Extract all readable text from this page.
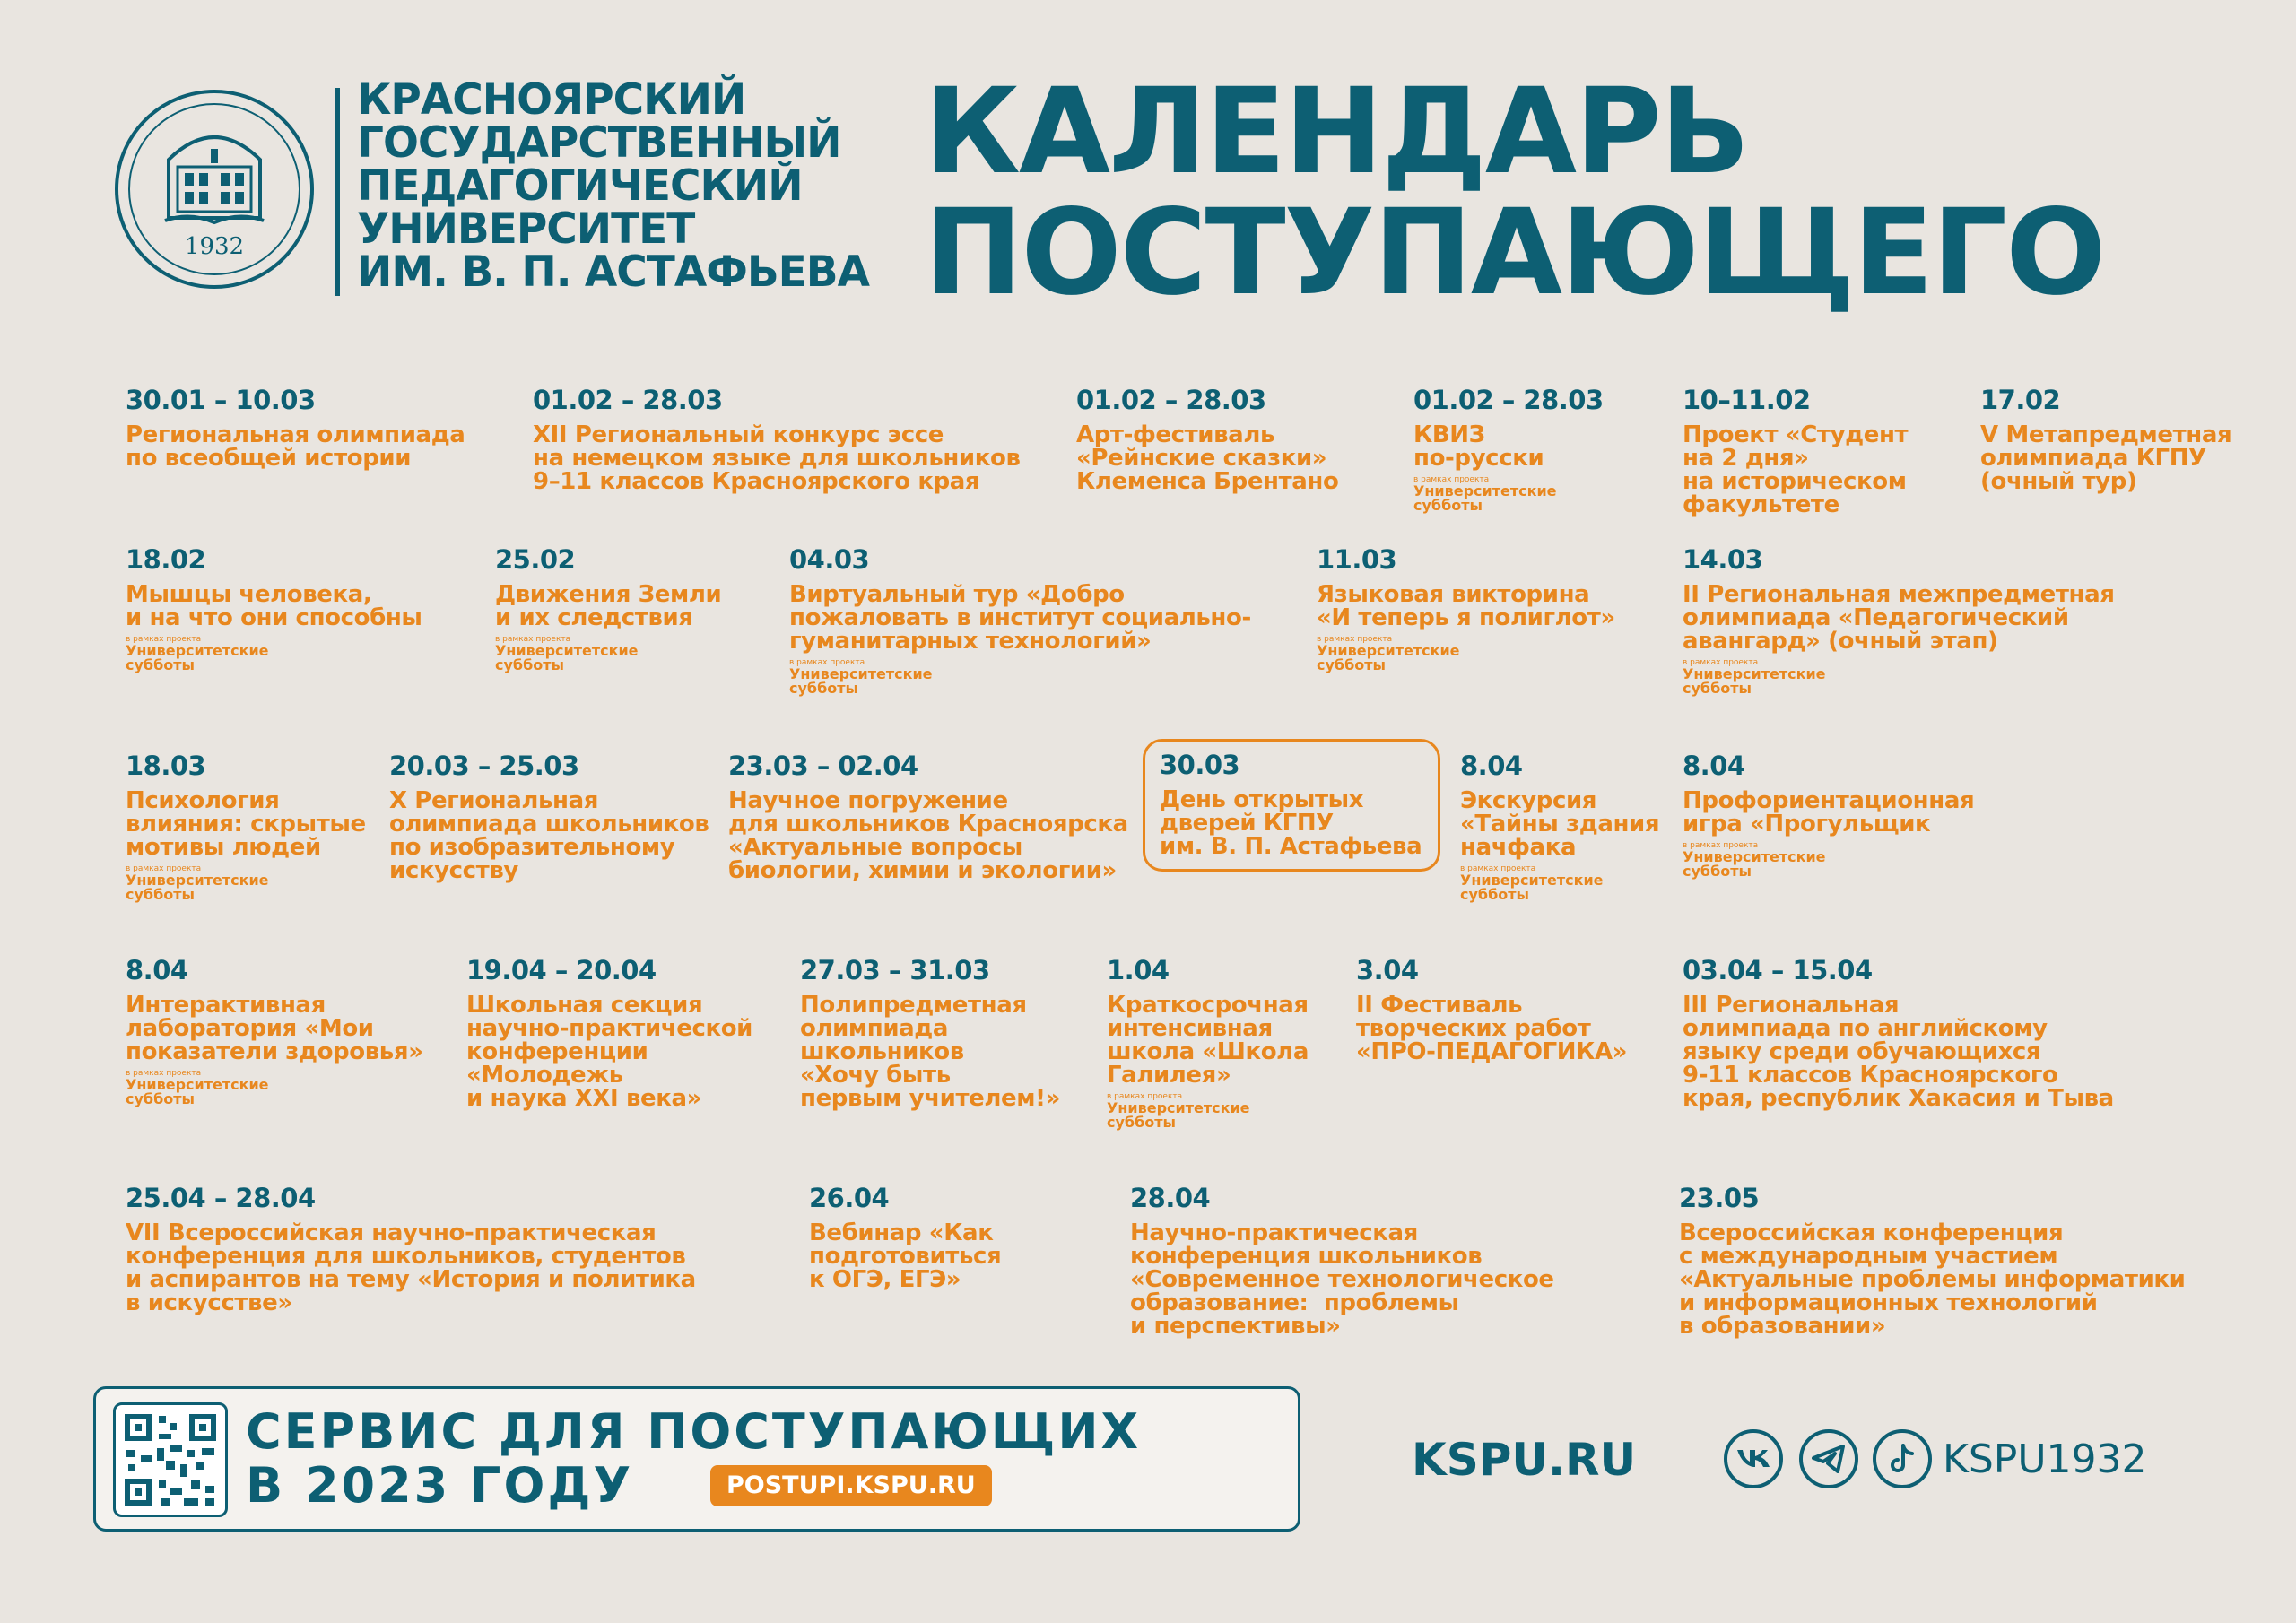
1932
КРАСНОЯРСКИЙ
ГОСУДАРСТВЕННЫЙ
ПЕДАГОГИЧЕСКИЙ
УНИВЕРСИТЕТ
ИМ. В. П. АСТАФЬЕВА
КАЛЕНДАРЬ
ПОСТУПАЮЩЕГО
30.01 – 10.03
Региональная олимпиада
по всеобщей истории
01.02 – 28.03
XII Региональный конкурс эссе
на немецком языке для школьников
9–11 классов Красноярского края
01.02 – 28.03
Арт-фестиваль
«Рейнские сказки»
Клеменса Брентано
01.02 – 28.03
КВИЗ
по-русски
в рамках проекта
Университетские
субботы
10–11.02
Проект «Студент
на 2 дня»
на историческом
факультете
17.02
V Метапредметная
олимпиада КГПУ
(очный тур)
18.02
Мышцы человека,
и на что они способны
в рамках проекта
Университетские
субботы
25.02
Движения Земли
и их следствия
в рамках проекта
Университетские
субботы
04.03
Виртуальный тур «Добро
пожаловать в институт социально-
гуманитарных технологий»
в рамках проекта
Университетские
субботы
11.03
Языковая викторина
«И теперь я полиглот»
в рамках проекта
Университетские
субботы
14.03
II Региональная межпредметная
олимпиада «Педагогический
авангард» (очный этап)
в рамках проекта
Университетские
субботы
18.03
Психология
влияния: скрытые
мотивы людей
в рамках проекта
Университетские
субботы
20.03 – 25.03
X Региональная
олимпиада школьников
по изобразительному
искусству
23.03 – 02.04
Научное погружение
для школьников Красноярска
«Актуальные вопросы
биологии, химии и экологии»
30.03
День открытых
дверей КГПУ
им. В. П. Астафьева
8.04
Экскурсия
«Тайны здания
начфака
в рамках проекта
Университетские
субботы
8.04
Профориентационная
игра «Прогульщик
в рамках проекта
Университетские
субботы
8.04
Интерактивная
лаборатория «Мои
показатели здоровья»
в рамках проекта
Университетские
субботы
19.04 – 20.04
Школьная секция
научно-практической
конференции
«Молодежь
и наука XXI века»
27.03 – 31.03
Полипредметная
олимпиада
школьников
«Хочу быть
первым учителем!»
1.04
Краткосрочная
интенсивная
школа «Школа
Галилея»
в рамках проекта
Университетские
субботы
3.04
II Фестиваль
творческих работ
«ПРО-ПЕДАГОГИКА»
03.04 – 15.04
III Региональная
олимпиада по английскому
языку среди обучающихся
9-11 классов Красноярского
края, республик Хакасия и Тыва
25.04 – 28.04
VII Всероссийская научно-практическая
конференция для школьников, студентов
и аспирантов на тему «История и политика
в искусстве»
26.04
Вебинар «Как
подготовиться
к ОГЭ, ЕГЭ»
28.04
Научно-практическая
конференция школьников
«Современное технологическое
образование:  проблемы
и перспективы»
23.05
Всероссийская конференция
с международным участием
«Актуальные проблемы информатики
и информационных технологий
в образовании»
СЕРВИС ДЛЯ ПОСТУПАЮЩИХ
В 2023 ГОДУ	POSTUPI.KSPU.RU	KSPU.RU	KSPU1932
